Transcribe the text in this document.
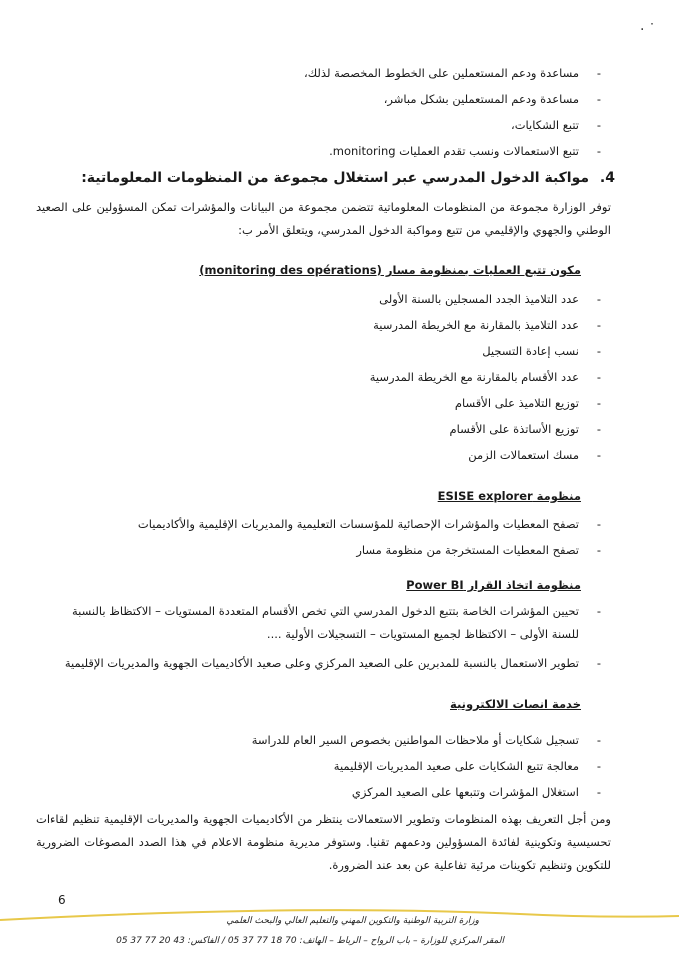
·˙
- مساعدة ودعم المستعملين على الخطوط المخصصة لذلك،
- مساعدة ودعم المستعملين بشكل مباشر،
- تتبع الشكايات،
- تتبع الاستعمالات ونسب تقدم العمليات monitoring.
4. مواكبة الدخول المدرسي عبر استغلال مجموعة من المنظومات المعلوماتية:
توفر الوزارة مجموعة من المنظومات المعلوماتية تتضمن مجموعة من البيانات والمؤشرات تمكن المسؤولين على الصعيد الوطني والجهوي والإقليمي من تتبع ومواكبة الدخول المدرسي، ويتعلق الأمر ب:
مكون تتبع العمليات بمنظومة مسار (monitoring des opérations)
- عدد التلاميذ الجدد المسجلين بالسنة الأولى
- عدد التلاميذ بالمقارنة مع الخريطة المدرسية
- نسب إعادة التسجيل
- عدد الأقسام بالمقارنة مع الخريطة المدرسية
- توزيع التلاميذ على الأقسام
- توزيع الأساتذة على الأقسام
- مسك استعمالات الزمن
منظومة ESISE explorer
- تصفح المعطيات والمؤشرات الإحصائية للمؤسسات التعليمية والمديريات الإقليمية والأكاديميات
- تصفح المعطيات المستخرجة من منظومة مسار
منظومة اتخاذ القرار Power BI
- تحيين المؤشرات الخاصة بتتبع الدخول المدرسي التي تخص الأقسام المتعددة المستويات – الاكتظاظ بالنسبة للسنة الأولى – الاكتظاظ لجميع المستويات – التسجيلات الأولية ....
- تطوير الاستعمال بالنسبة للمدبرين على الصعيد المركزي وعلى صعيد الأكاديميات الجهوية والمديريات الإقليمية
خدمة انصات الالكترونية
- تسجيل شكايات أو ملاحظات المواطنين بخصوص السير العام للدراسة
- معالجة تتبع الشكايات على صعيد المديريات الإقليمية
- استغلال المؤشرات وتتبعها على الصعيد المركزي
ومن أجل التعريف بهذه المنظومات وتطوير الاستعمالات ينتظر من الأكاديميات الجهوية والمديريات الإقليمية تنظيم لقاءات تحسيسية وتكوينية لفائدة المسؤولين ودعمهم تقنيا. وستوفر مديرية منظومة الاعلام في هذا الصدد المصوغات الضرورية للتكوين وتنظيم تكوينات مرئية تفاعلية عن بعد عند الضرورة.
6
وزارة التربية الوطنية والتكوين المهني والتعليم العالي والبحث العلمي
المقر المركزي للوزارة – باب الرواح – الرباط – الهاتف: 70 18 77 37 05 / الفاكس: 43 20 77 37 05
